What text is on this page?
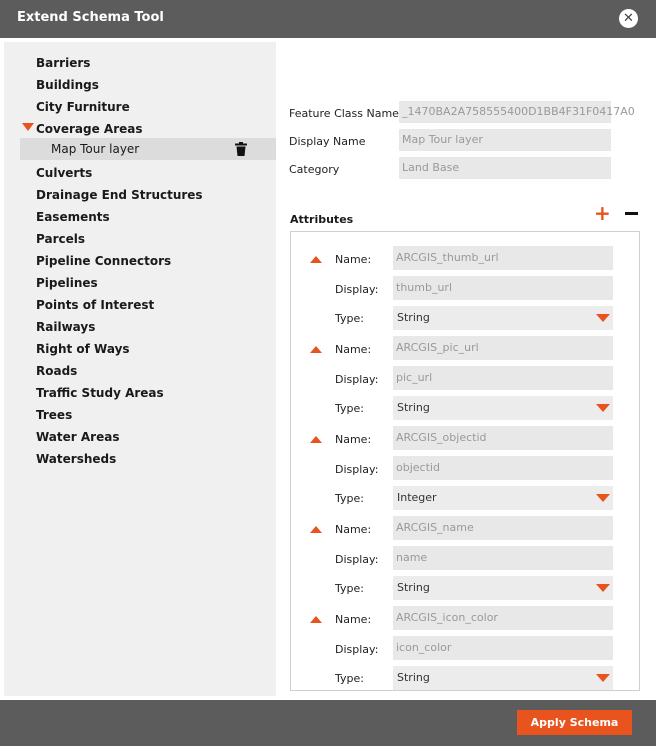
Extend Schema Tool	✕
Barriers
Buildings
City Furniture
Coverage Areas
Map Tour layer
Culverts
Drainage End Structures
Easements
Parcels
Pipeline Connectors
Pipelines
Points of Interest
Railways
Right of Ways
Roads
Traffic Study Areas
Trees
Water Areas
Watersheds
Feature Class Name _1470BA2A758555400D1BB4F31F0417A0
Display Name	Map Tour layer
Category	Land Base
Attributes	+
Name: ARCGIS_thumb_url
Display: thumb_url
Type:	String
Name: ARCGIS_pic_url
Display: pic_url
Type:	String
Name: ARCGIS_objectid
Display: objectid
Type:	Integer
Name: ARCGIS_name
Display: name
Type:	String
Name: ARCGIS_icon_color
Display: icon_color
Type:	String
Apply Schema
